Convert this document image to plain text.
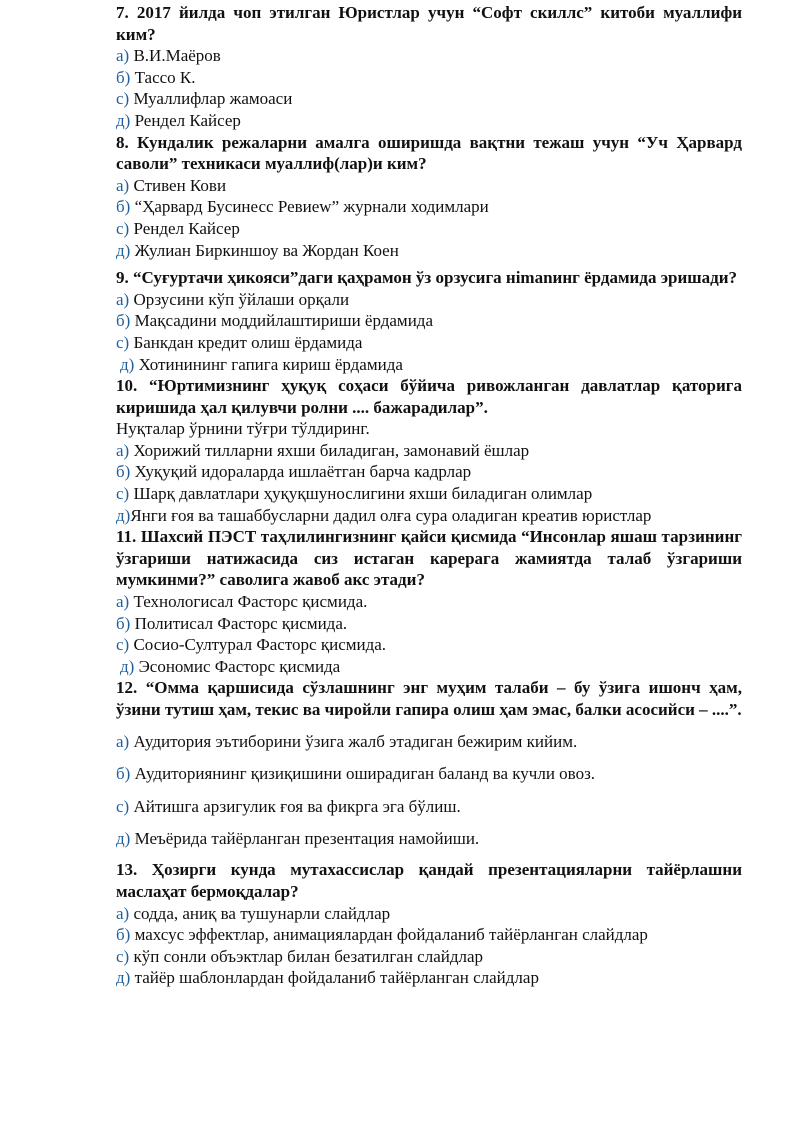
7. 2017 йилда чоп этилган Юристлар учун “Софт скиллс” китоби муаллифи ким?
а) В.И.Маёров
б) Тассо К.
с) Муаллифлар жамоаси
д) Рендел Кайсер
8. Кундалик режаларни амалга оширишда вақтни тежаш учун “Уч Ҳарвард саволи” техникаси муаллиф(лар)и ким?
а) Стивен Кови
б) “Ҳарвард Бусинесс Ревиеw” журнали ходимлари
с) Рендел Кайсер
д) Жулиан Биркиншоу ва Жордан Коен
9. “Суғуртачи ҳикояси”даги қаҳрамон ўз орзусига нimanинг ёрдамида эришади?
а) Орзусини кўп ўйлаши орқали
б) Мақсадини моддийлаштириши ёрдамида
с) Банкдан кредит олиш ёрдамида
д) Хотинининг гапига кириш ёрдамида
10. “Юртимизнинг ҳуқуқ соҳаси бўйича ривожланган давлатлар қаторига киришида ҳал қилувчи ролни .... бажарадилар”.
Нуқталар ўрнини тўғри тўлдиринг.
а) Хорижий тилларни яхши биладиган, замонавий ёшлар
б) Хуқуқий идораларда ишлаётган барча кадрлар
с) Шарқ давлатлари ҳуқуқшунослигини яхши биладиган олимлар
д)Янги ғоя ва ташаббусларни дадил олға сура оладиган креатив юристлар
11. Шахсий ПЭСТ таҳлилингизнинг қайси қисмида “Инсонлар яшаш тарзининг ўзгариши натижасида сиз истаган карерага жамиятда талаб ўзгариши мумкинми?” саволига жавоб акс этади?
а) Технологисал Фасторс қисмида.
б) Политисал Фасторс қисмида.
с) Сосио-Султурал Фасторс қисмида.
д) Эсономис Фасторс қисмида
12. “Омма қаршисида сўзлашнинг энг муҳим талаби – бу ўзига ишонч ҳам, ўзини тутиш ҳам, текис ва чиройли гапира олиш ҳам эмас, балки асосийси – ....”.
а) Аудитория эътиборини ўзига жалб этадиган бежирим кийим.
б) Аудиториянинг қизиқишини оширадиган баланд ва кучли овоз.
с) Айтишга арзигулик ғоя ва фикрга эга бўлиш.
д) Меъёрида тайёрланган презентация намойиши.
13. Ҳозирги кунда мутахассислар қандай презентацияларни тайёрлашни маслаҳат бермоқдалар?
а) содда, аниқ ва тушунарли слайдлар
б) махсус эффектлар, анимациялардан фойдаланиб тайёрланган слайдлар
с) кўп сонли объэктлар билан безатилган слайдлар
д) тайёр шаблонлардан фойдаланиб тайёрланган слайдлар
